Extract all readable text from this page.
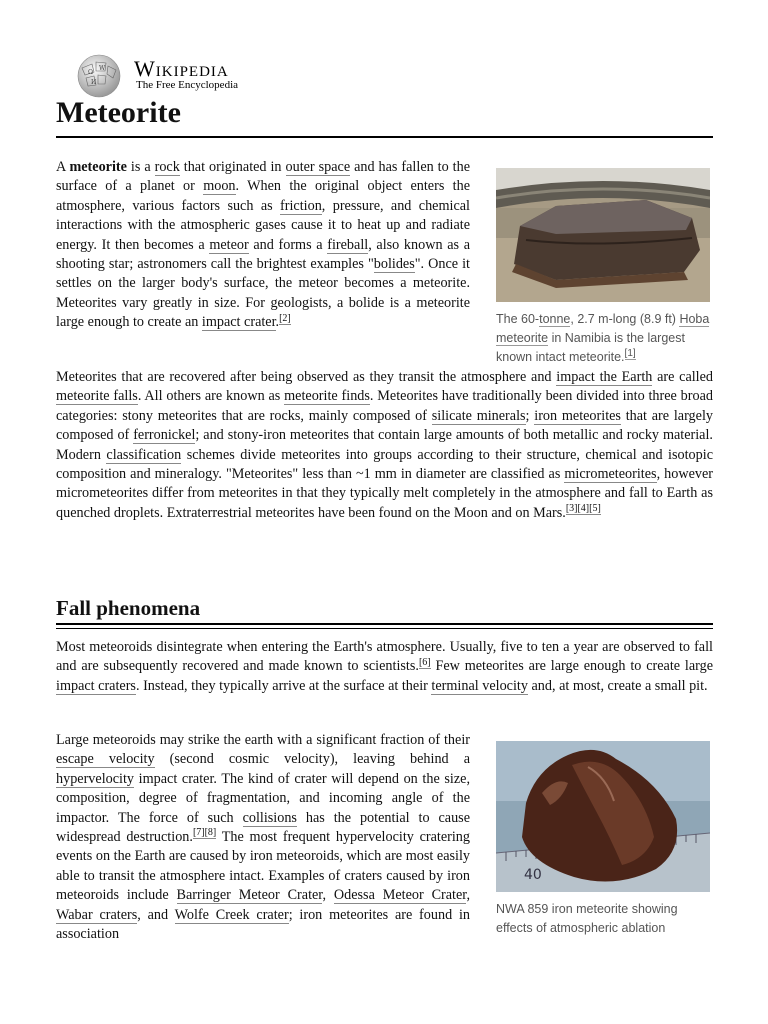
Ω
W
И
Wikipedia
The Free Encyclopedia
Meteorite

A meteorite is a rock that originated in outer space and has fallen to the surface of a planet or moon. When the original object enters the atmosphere, various factors such as friction, pressure, and chemical interactions with the atmospheric gases cause it to heat up and radiate energy. It then becomes a meteor and forms a fireball, also known as a shooting star; astronomers call the brightest examples "bolides". Once it settles on the larger body's surface, the meteor becomes a meteorite. Meteorites vary greatly in size. For geologists, a bolide is a meteorite large enough to create an impact crater.[2]	The 60-tonne, 2.7 m-long (8.9 ft) Hoba meteorite in Namibia is the largest known intact meteorite.[1]

Meteorites that are recovered after being observed as they transit the atmosphere and impact the Earth are called meteorite falls. All others are known as meteorite finds. Meteorites have traditionally been divided into three broad categories: stony meteorites that are rocks, mainly composed of silicate minerals; iron meteorites that are largely composed of ferronickel; and stony-iron meteorites that contain large amounts of both metallic and rocky material. Modern classification schemes divide meteorites into groups according to their structure, chemical and isotopic composition and mineralogy. "Meteorites" less than ~1 mm in diameter are classified as micrometeorites, however micrometeorites differ from meteorites in that they typically melt completely in the atmosphere and fall to Earth as quenched droplets. Extraterrestrial meteorites have been found on the Moon and on Mars.[3][4][5]

Fall phenomena

Most meteoroids disintegrate when entering the Earth's atmosphere. Usually, five to ten a year are observed to fall and are subsequently recovered and made known to scientists.[6] Few meteorites are large enough to create large impact craters. Instead, they typically arrive at the surface at their terminal velocity and, at most, create a small pit.

Large meteoroids may strike the earth with a significant fraction of their escape velocity (second cosmic velocity), leaving behind a hypervelocity impact crater. The kind of crater will depend on the size, composition, degree of fragmentation, and incoming angle of the impactor. The force of such collisions has the potential to cause widespread destruction.[7][8] The most frequent hypervelocity cratering events on the Earth are caused by iron meteoroids, which are most easily able to transit the atmosphere intact. Examples of craters caused by iron meteoroids include Barringer Meteor Crater, Odessa Meteor Crater, Wabar craters, and Wolfe Creek crater; iron meteorites are found in association

40
NWA 859 iron meteorite showing effects of atmospheric ablation
